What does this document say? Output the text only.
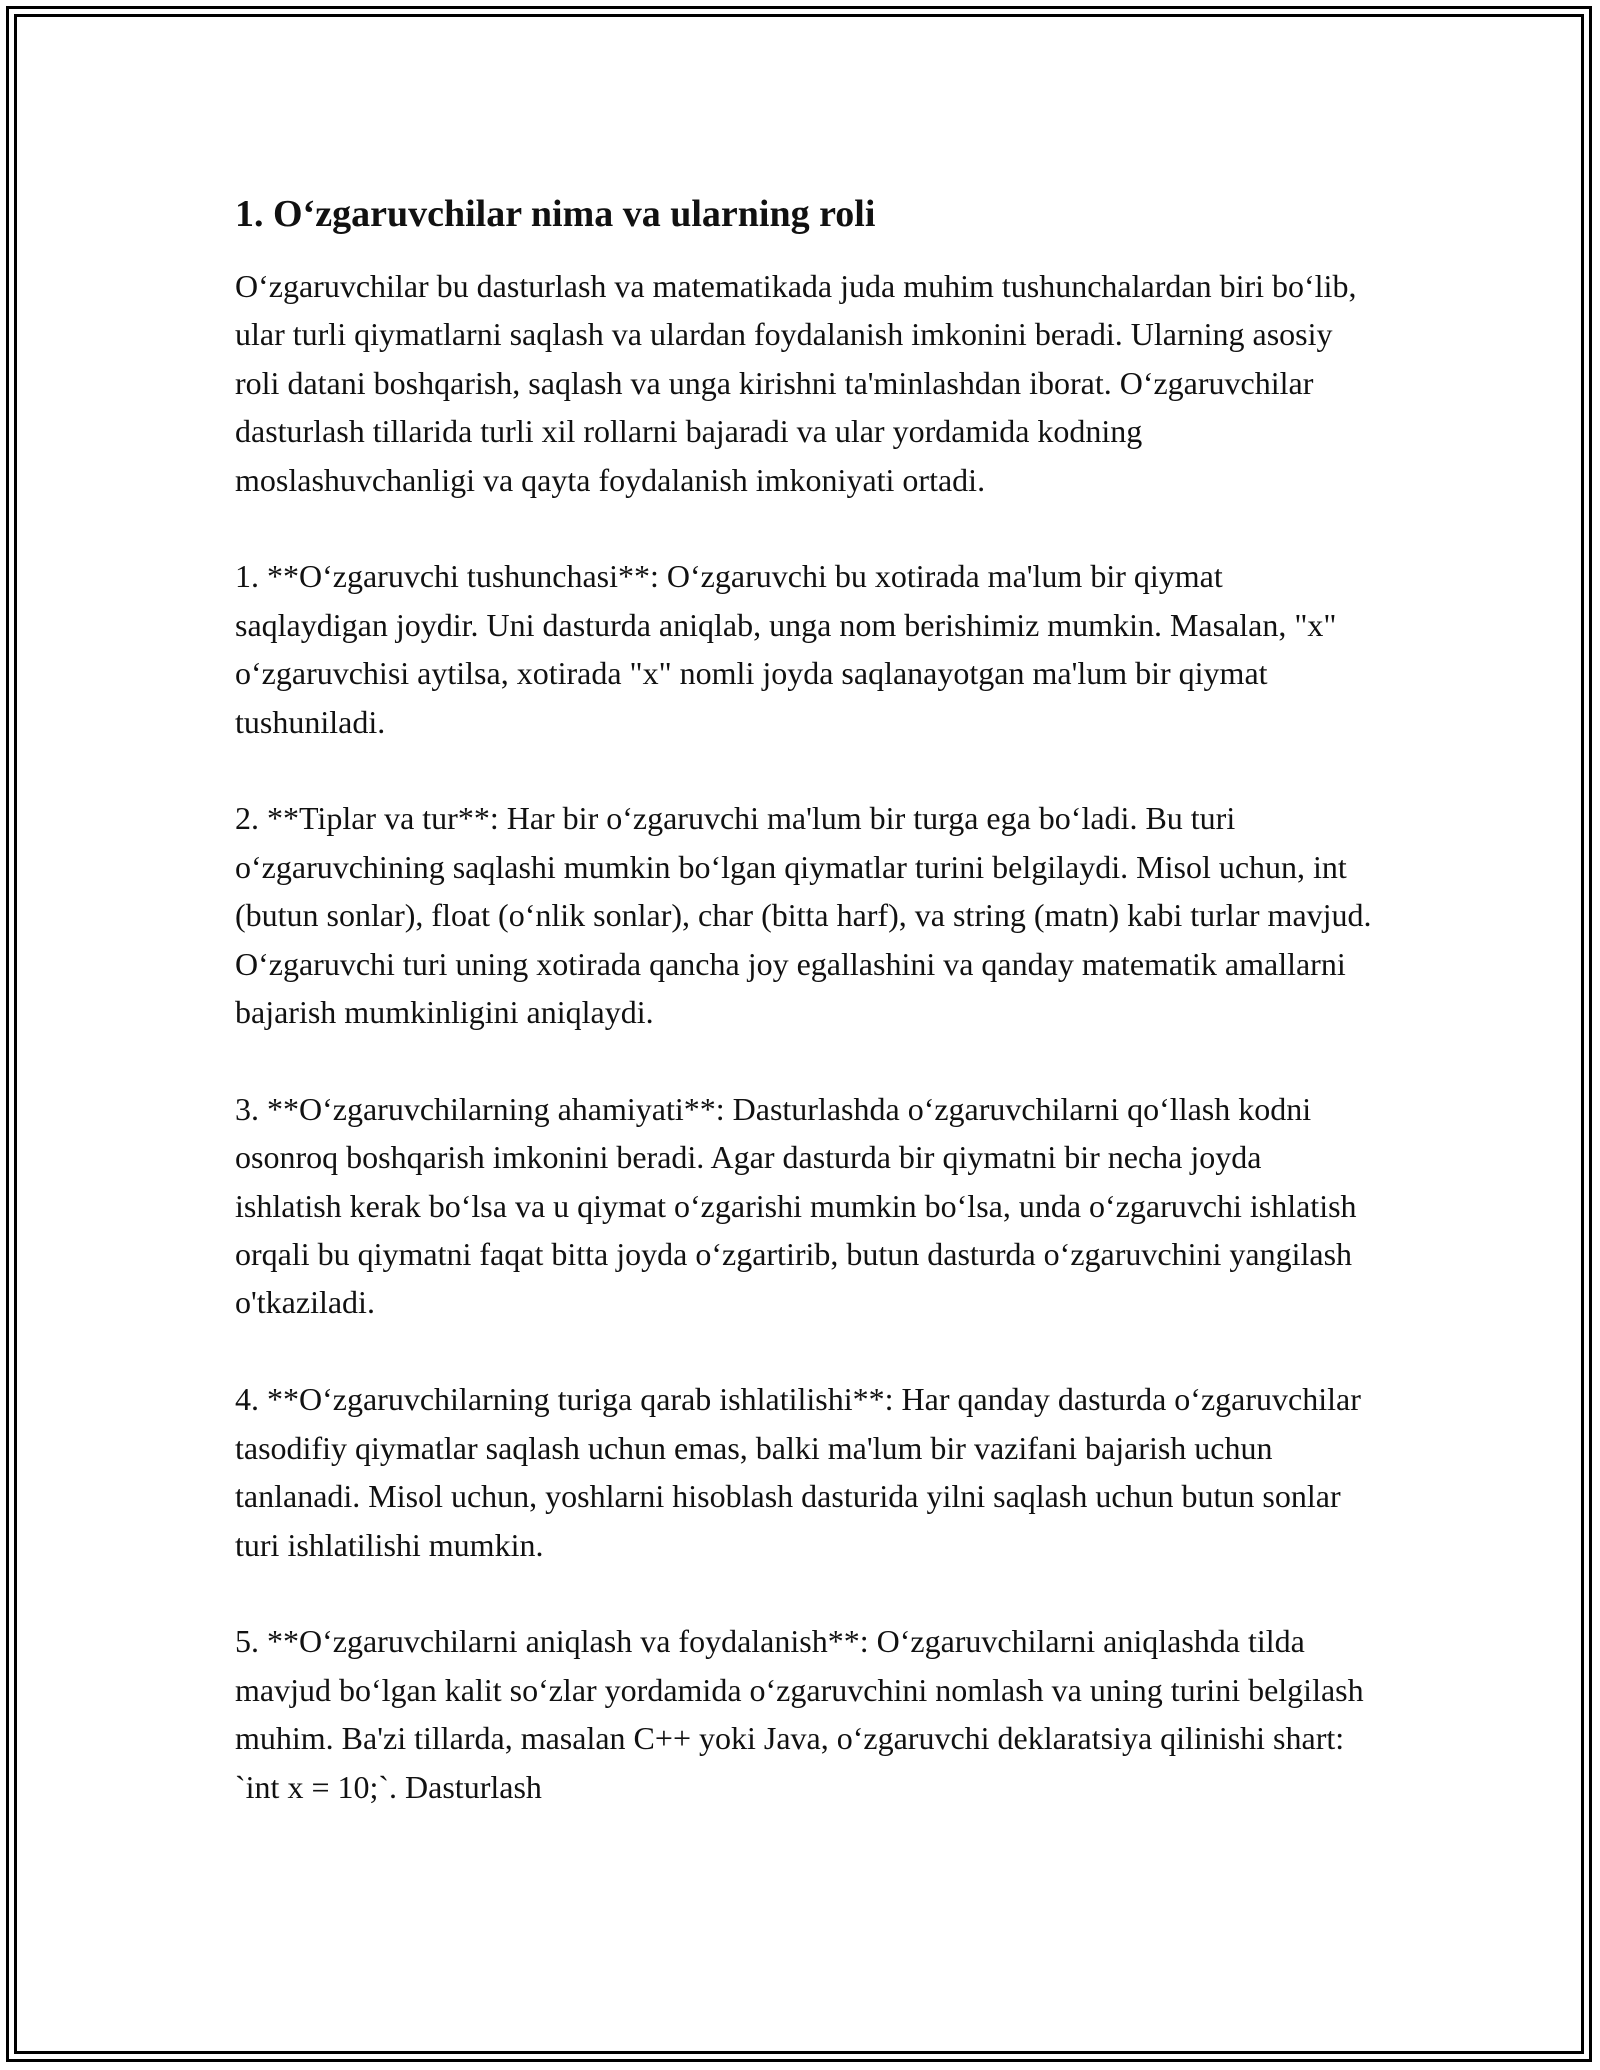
1. O‘zgaruvchilar nima va ularning roli

O‘zgaruvchilar bu dasturlash va matematikada juda muhim tushunchalardan biri bo‘lib, ular turli qiymatlarni saqlash va ulardan foydalanish imkonini beradi. Ularning asosiy roli datani boshqarish, saqlash va unga kirishni ta'minlashdan iborat. O‘zgaruvchilar dasturlash tillarida turli xil rollarni bajaradi va ular yordamida kodning moslashuvchanligi va qayta foydalanish imkoniyati ortadi.

1. **O‘zgaruvchi tushunchasi**: O‘zgaruvchi bu xotirada ma'lum bir qiymat saqlaydigan joydir. Uni dasturda aniqlab, unga nom berishimiz mumkin. Masalan, "x" o‘zgaruvchisi aytilsa, xotirada "x" nomli joyda saqlanayotgan ma'lum bir qiymat tushuniladi.

2. **Tiplar va tur**: Har bir o‘zgaruvchi ma'lum bir turga ega bo‘ladi. Bu turi o‘zgaruvchining saqlashi mumkin bo‘lgan qiymatlar turini belgilaydi. Misol uchun, int (butun sonlar), float (o‘nlik sonlar), char (bitta harf), va string (matn) kabi turlar mavjud. O‘zgaruvchi turi uning xotirada qancha joy egallashini va qanday matematik amallarni bajarish mumkinligini aniqlaydi.

3. **O‘zgaruvchilarning ahamiyati**: Dasturlashda o‘zgaruvchilarni qo‘llash kodni osonroq boshqarish imkonini beradi. Agar dasturda bir qiymatni bir necha joyda ishlatish kerak bo‘lsa va u qiymat o‘zgarishi mumkin bo‘lsa, unda o‘zgaruvchi ishlatish orqali bu qiymatni faqat bitta joyda o‘zgartirib, butun dasturda o‘zgaruvchini yangilash o'tkaziladi.

4. **O‘zgaruvchilarning turiga qarab ishlatilishi**: Har qanday dasturda o‘zgaruvchilar tasodifiy qiymatlar saqlash uchun emas, balki ma'lum bir vazifani bajarish uchun tanlanadi. Misol uchun, yoshlarni hisoblash dasturida yilni saqlash uchun butun sonlar turi ishlatilishi mumkin.

5. **O‘zgaruvchilarni aniqlash va foydalanish**: O‘zgaruvchilarni aniqlashda tilda mavjud bo‘lgan kalit so‘zlar yordamida o‘zgaruvchini nomlash va uning turini belgilash muhim. Ba'zi tillarda, masalan C++ yoki Java, o‘zgaruvchi deklaratsiya qilinishi shart: `int x = 10;`. Dasturlash
